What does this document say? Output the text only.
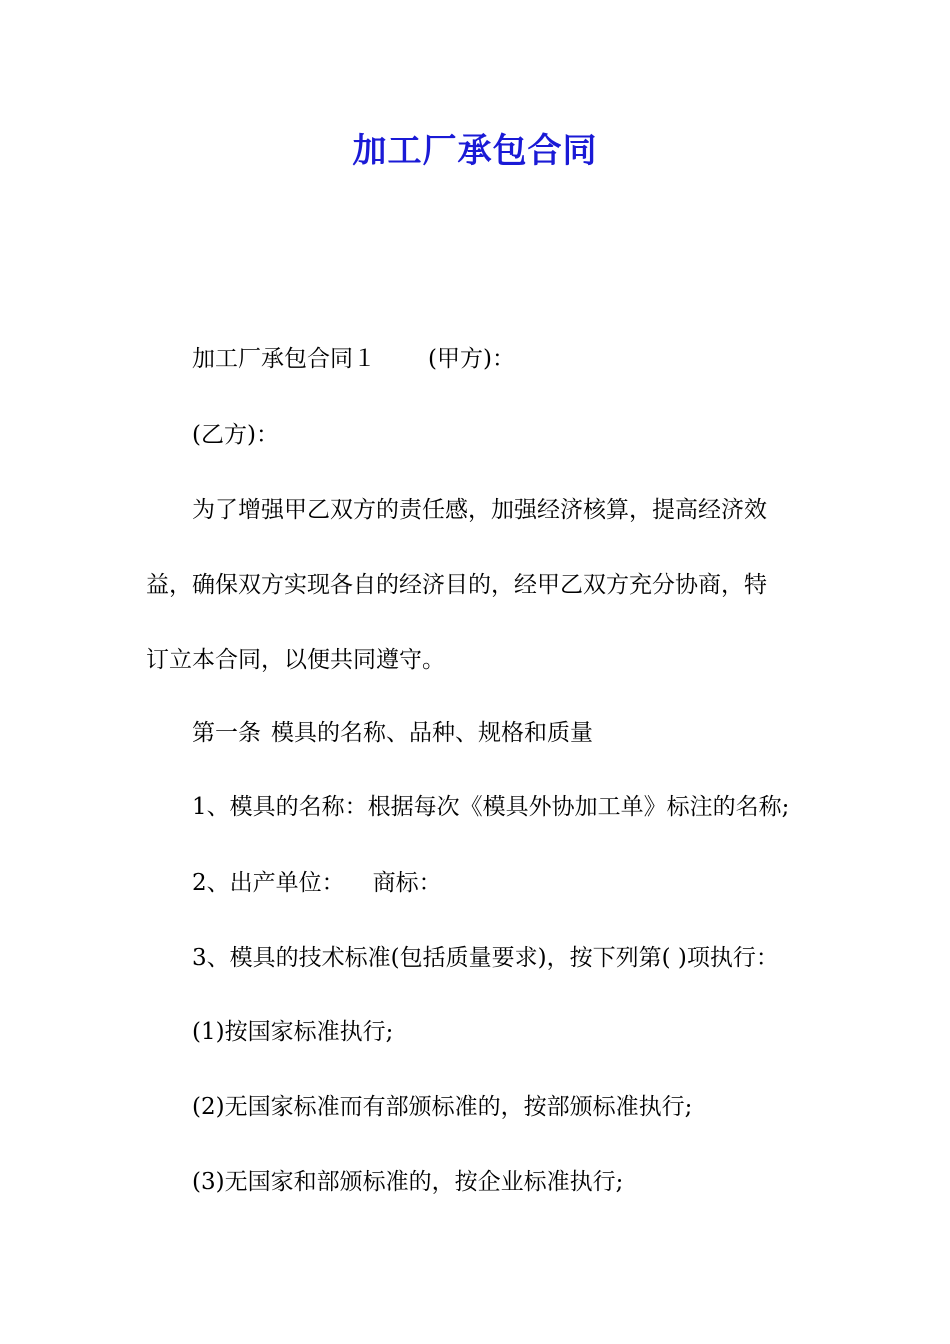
加工厂承包合同
加工厂承包合同１ (甲方)：
(乙方)：
为了增强甲乙双方的责任感，加强经济核算，提高经济效
益，确保双方实现各自的经济目的，经甲乙双方充分协商，特
订立本合同，以便共同遵守。
第一条 模具的名称、品种、规格和质量
1、模具的名称：根据每次《模具外协加工单》标注的名称;
2、出产单位： 商标：
3、模具的技术标准(包括质量要求)，按下列第( )项执行：
(1)按国家标准执行;
(2)无国家标准而有部颁标准的，按部颁标准执行;
(3)无国家和部颁标准的，按企业标准执行;
